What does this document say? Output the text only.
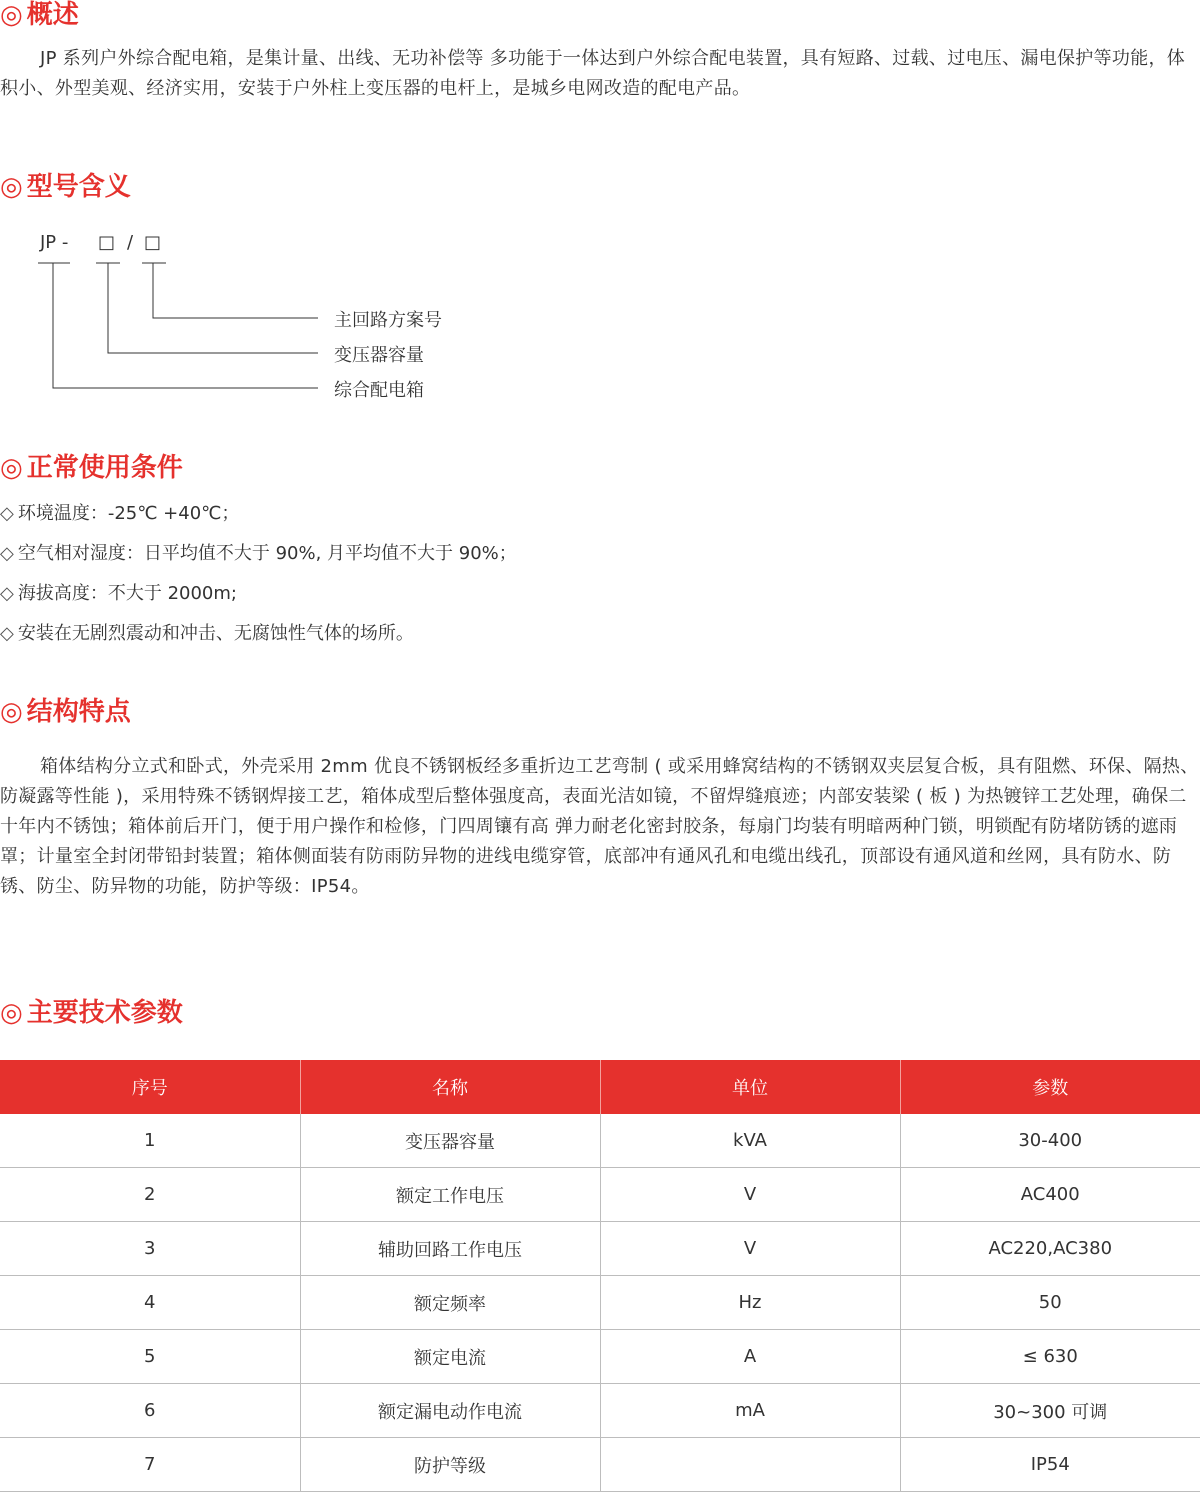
◎ 概述
JP 系列户外综合配电箱，是集计量、出线、无功补偿等 多功能于一体达到户外综合配电装置，具有短路、过载、过电压、漏电保护等功能，体积小、外型美观、经济实用，安装于户外柱上变压器的电杆上，是城乡电网改造的配电产品。
◎ 型号含义
JP - □ / □
主回路方案号
变压器容量
综合配电箱
◎ 正常使用条件
◇ 环境温度：-25℃ +40℃；
◇ 空气相对湿度：日平均值不大于 90%, 月平均值不大于 90%；
◇ 海拔高度：不大于 2000m;
◇ 安装在无剧烈震动和冲击、无腐蚀性气体的场所。
◎ 结构特点
箱体结构分立式和卧式，外壳采用 2mm 优良不锈钢板经多重折边工艺弯制 ( 或采用蜂窝结构的不锈钢双夹层复合板，具有阻燃、环保、隔热、防凝露等性能 )，采用特殊不锈钢焊接工艺，箱体成型后整体强度高，表面光洁如镜，不留焊缝痕迹；内部安装梁 ( 板 ) 为热镀锌工艺处理，确保二十年内不锈蚀；箱体前后开门，便于用户操作和检修，门四周镶有高 弹力耐老化密封胶条，每扇门均装有明暗两种门锁，明锁配有防堵防锈的遮雨罩；计量室全封闭带铅封装置；箱体侧面装有防雨防异物的进线电缆穿管，底部冲有通风孔和电缆出线孔，顶部设有通风道和丝网，具有防水、防锈、防尘、防异物的功能，防护等级：IP54。
◎ 主要技术参数
序号	名称	单位	参数
1	变压器容量	kVA	30-400
2	额定工作电压	V	AC400
3	辅助回路工作电压	V	AC220,AC380
4	额定频率	Hz	50
5	额定电流	A	≤ 630
6	额定漏电动作电流	mA	30~300 可调
7	防护等级		IP54
